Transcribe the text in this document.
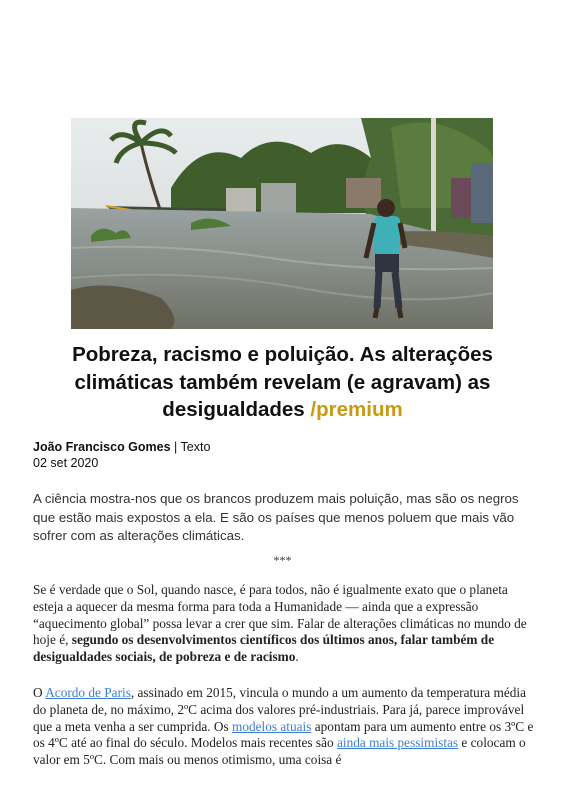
Pobreza, racismo e poluição. As alterações climáticas também revelam (e agravam) as desigualdades /premium
João Francisco Gomes | Texto
02 set 2020

A ciência mostra-nos que os brancos produzem mais poluição, mas são os negros que estão mais expostos a ela. E são os países que menos poluem que mais vão sofrer com as alterações climáticas.

***

Se é verdade que o Sol, quando nasce, é para todos, não é igualmente exato que o planeta esteja a aquecer da mesma forma para toda a Humanidade — ainda que a expressão “aquecimento global” possa levar a crer que sim. Falar de alterações climáticas no mundo de hoje é, segundo os desenvolvimentos científicos dos últimos anos, falar também de desigualdades sociais, de pobreza e de racismo.

O Acordo de Paris, assinado em 2015, vincula o mundo a um aumento da temperatura média do planeta de, no máximo, 2ºC acima dos valores pré-industriais. Para já, parece improvável que a meta venha a ser cumprida. Os modelos atuais apontam para um aumento entre os 3ºC e os 4ºC até ao final do século. Modelos mais recentes são ainda mais pessimistas e colocam o valor em 5ºC. Com mais ou menos otimismo, uma coisa é
